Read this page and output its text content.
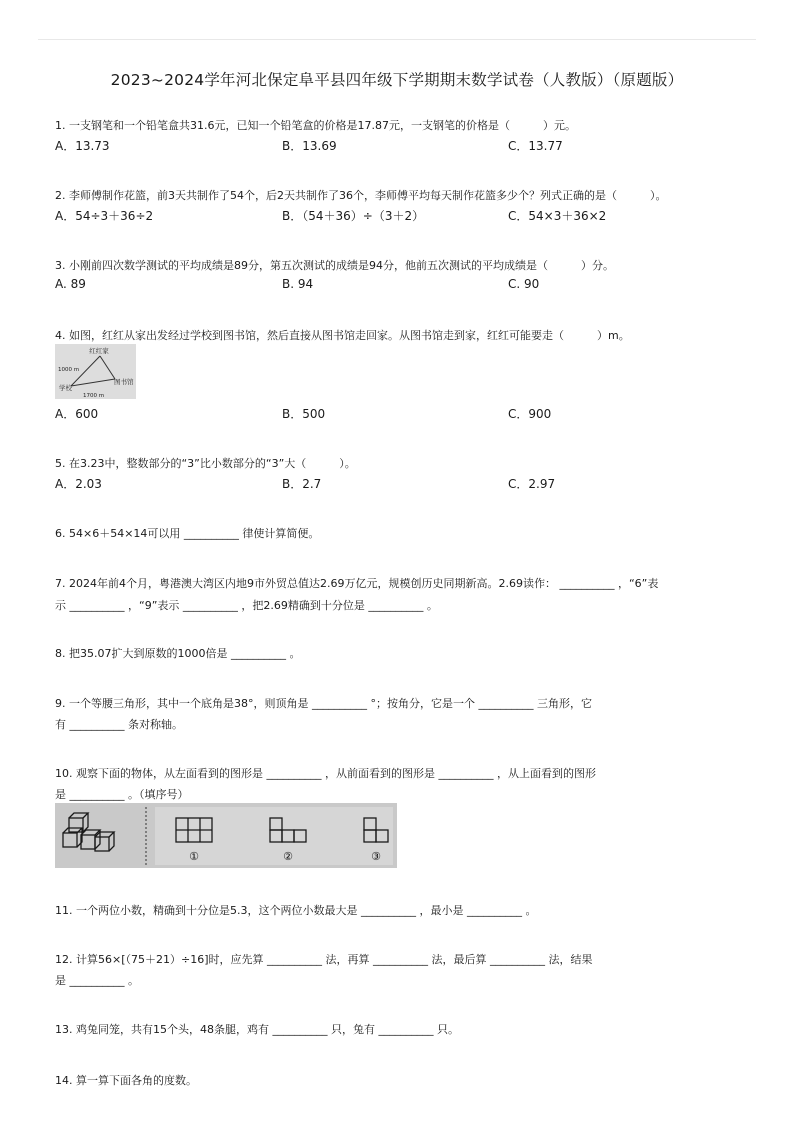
2023~2024学年河北保定阜平县四年级下学期期末数学试卷（人教版）（原题版）
1. 一支钢笔和一个铅笔盒共31.6元，已知一个铅笔盒的价格是17.87元，一支钢笔的价格是（　　　）元。
A．13.73	B．13.69	C．13.77
2. 李师傅制作花篮，前3天共制作了54个，后2天共制作了36个，李师傅平均每天制作花篮多少个？列式正确的是（　　　）。
A．54÷3＋36÷2	B．（54＋36）÷（3＋2）	C．54×3＋36×2
3. 小刚前四次数学测试的平均成绩是89分，第五次测试的成绩是94分，他前五次测试的平均成绩是（　　　）分。
A. 89	B. 94	C. 90
4. 如图，红红从家出发经过学校到图书馆，然后直接从图书馆走回家。从图书馆走到家，红红可能要走（　　　）m。
红红家
1000 m
学校
图书馆
1700 m
A．600	B．500	C．900
5. 在3.23中，整数部分的“3”比小数部分的“3”大（　　　）。
A．2.03	B．2.7	C．2.97
6. 54×6＋54×14可以用 __________ 律使计算简便。
7. 2024年前4个月，粤港澳大湾区内地9市外贸总值达2.69万亿元，规模创历史同期新高。2.69读作： __________ ，“6”表
示 __________ ，“9”表示 __________ ，把2.69精确到十分位是 __________ 。
8. 把35.07扩大到原数的1000倍是 __________ 。
9. 一个等腰三角形，其中一个底角是38°，则顶角是 __________ °；按角分，它是一个 __________ 三角形，它
有 __________ 条对称轴。
10. 观察下面的物体，从左面看到的图形是 __________ ，从前面看到的图形是 __________ ，从上面看到的图形
是 __________ 。（填序号）
①	②	③
11. 一个两位小数，精确到十分位是5.3，这个两位小数最大是 __________ ，最小是 __________ 。
12. 计算56×[（75＋21）÷16]时，应先算 __________ 法，再算 __________ 法，最后算 __________ 法，结果
是 __________ 。
13. 鸡兔同笼，共有15个头，48条腿，鸡有 __________ 只，兔有 __________ 只。
14. 算一算下面各角的度数。
